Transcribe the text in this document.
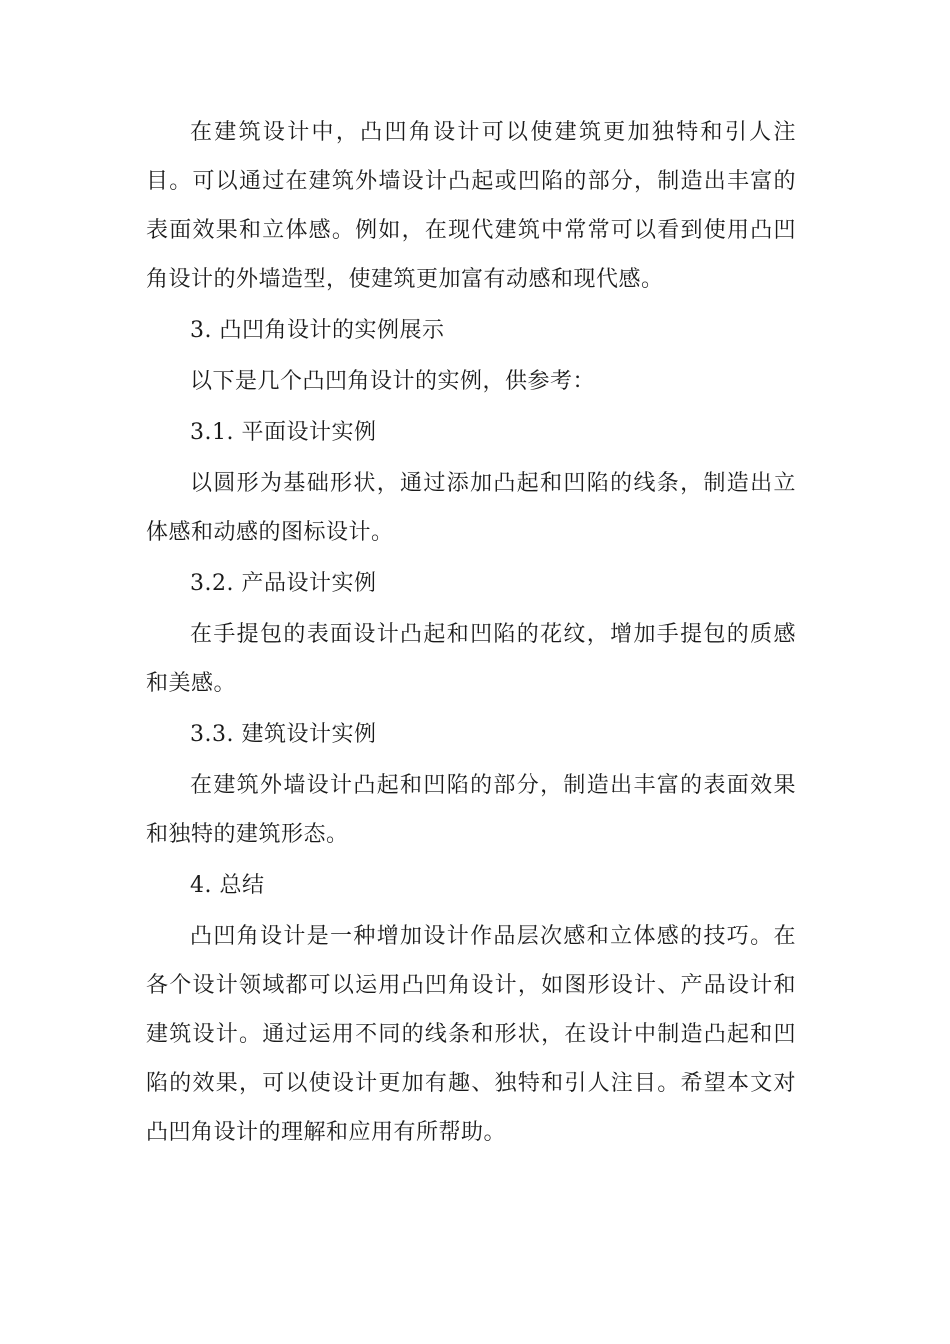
在建筑设计中，凸凹角设计可以使建筑更加独特和引人注目。可以通过在建筑外墙设计凸起或凹陷的部分，制造出丰富的表面效果和立体感。例如，在现代建筑中常常可以看到使用凸凹角设计的外墙造型，使建筑更加富有动感和现代感。

3. 凸凹角设计的实例展示

以下是几个凸凹角设计的实例，供参考：

3.1. 平面设计实例

以圆形为基础形状，通过添加凸起和凹陷的线条，制造出立体感和动感的图标设计。

3.2. 产品设计实例

在手提包的表面设计凸起和凹陷的花纹，增加手提包的质感和美感。

3.3. 建筑设计实例

在建筑外墙设计凸起和凹陷的部分，制造出丰富的表面效果和独特的建筑形态。

4. 总结

凸凹角设计是一种增加设计作品层次感和立体感的技巧。在各个设计领域都可以运用凸凹角设计，如图形设计、产品设计和建筑设计。通过运用不同的线条和形状，在设计中制造凸起和凹陷的效果，可以使设计更加有趣、独特和引人注目。希望本文对凸凹角设计的理解和应用有所帮助。
